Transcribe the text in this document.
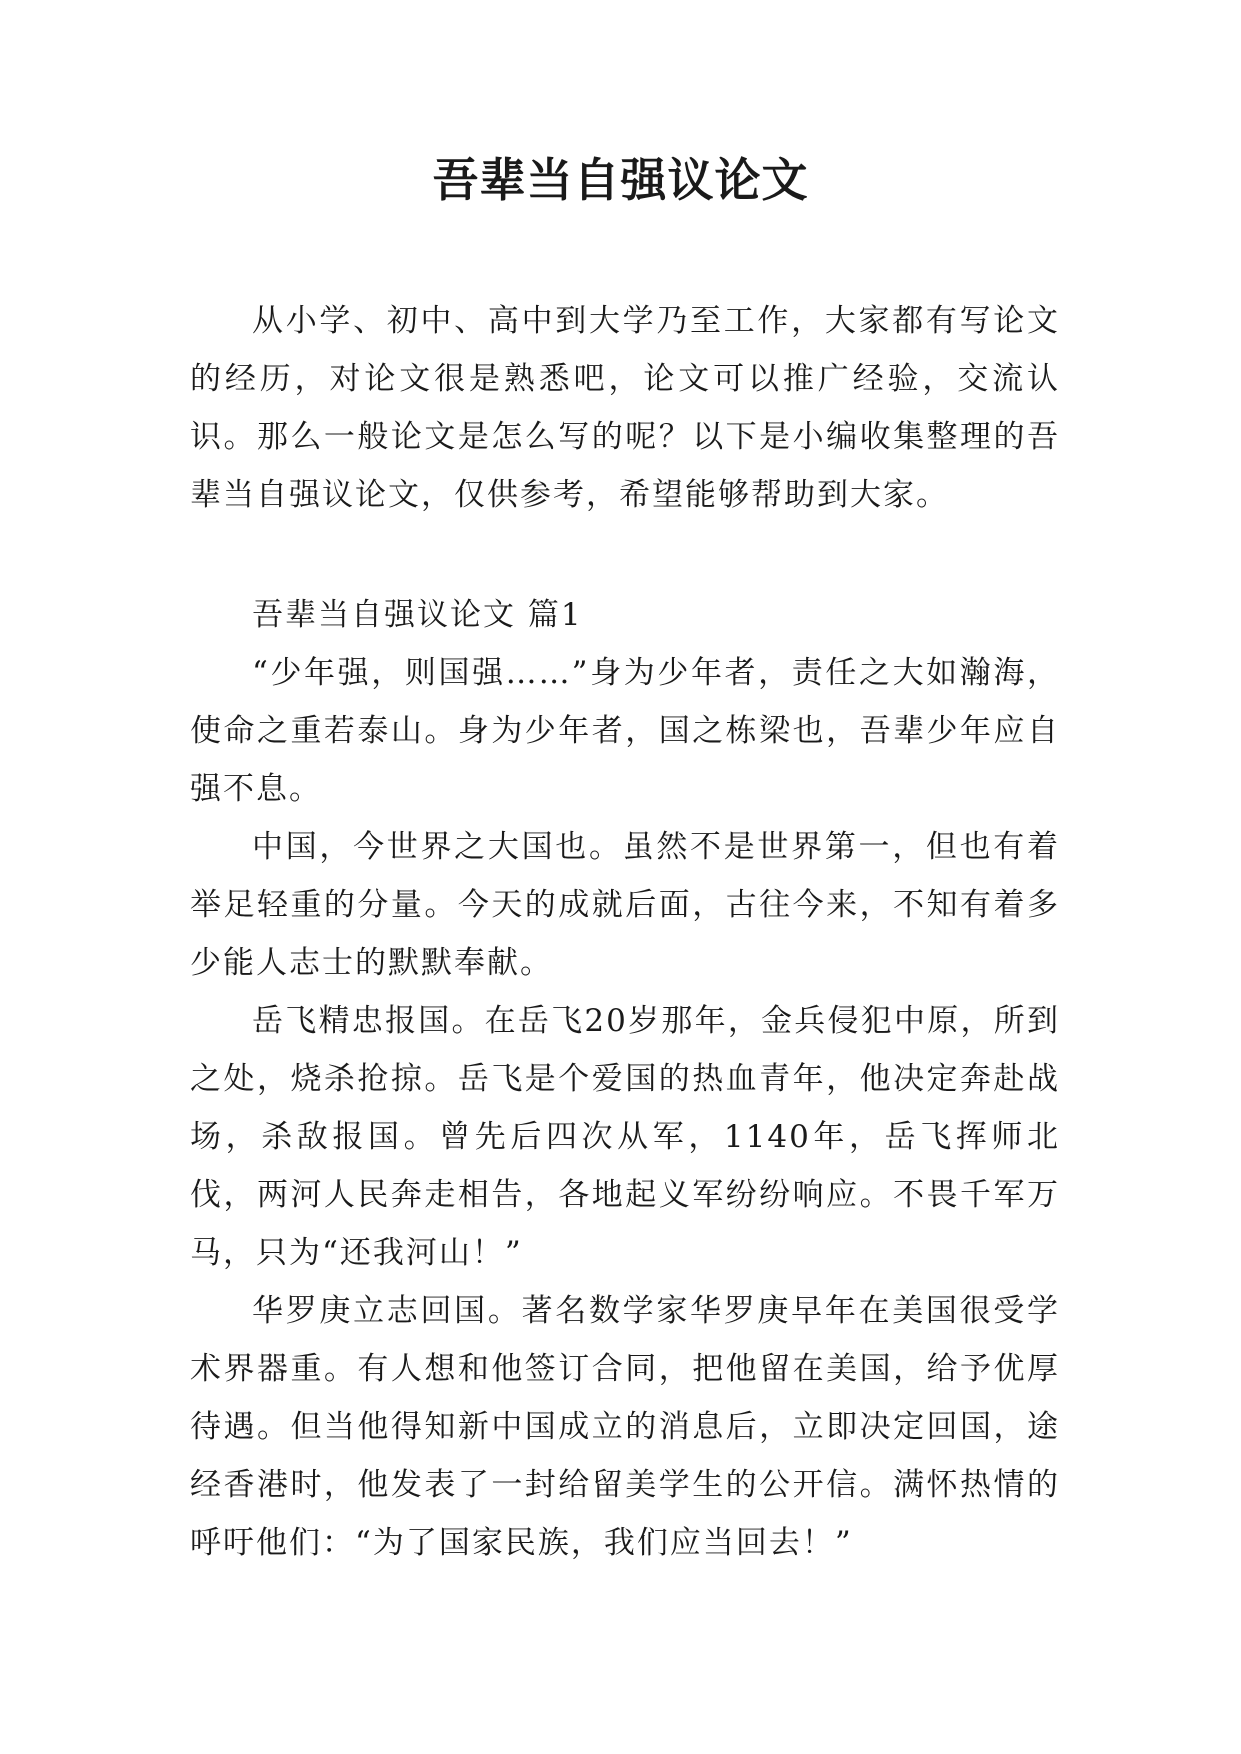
吾辈当自强议论文

从小学、初中、高中到大学乃至工作，大家都有写论文的经历，对论文很是熟悉吧，论文可以推广经验，交流认识。那么一般论文是怎么写的呢？以下是小编收集整理的吾辈当自强议论文，仅供参考，希望能够帮助到大家。

吾辈当自强议论文 篇1

“少年强，则国强……”身为少年者，责任之大如瀚海，使命之重若泰山。身为少年者，国之栋梁也，吾辈少年应自强不息。

中国，今世界之大国也。虽然不是世界第一，但也有着举足轻重的分量。今天的成就后面，古往今来，不知有着多少能人志士的默默奉献。

岳飞精忠报国。在岳飞20岁那年，金兵侵犯中原，所到之处，烧杀抢掠。岳飞是个爱国的热血青年，他决定奔赴战场，杀敌报国。曾先后四次从军，1140年，岳飞挥师北伐，两河人民奔走相告，各地起义军纷纷响应。不畏千军万马，只为“还我河山！”

华罗庚立志回国。著名数学家华罗庚早年在美国很受学术界器重。有人想和他签订合同，把他留在美国，给予优厚待遇。但当他得知新中国成立的消息后，立即决定回国，途经香港时，他发表了一封给留美学生的公开信。满怀热情的呼吁他们：“为了国家民族，我们应当回去！”
